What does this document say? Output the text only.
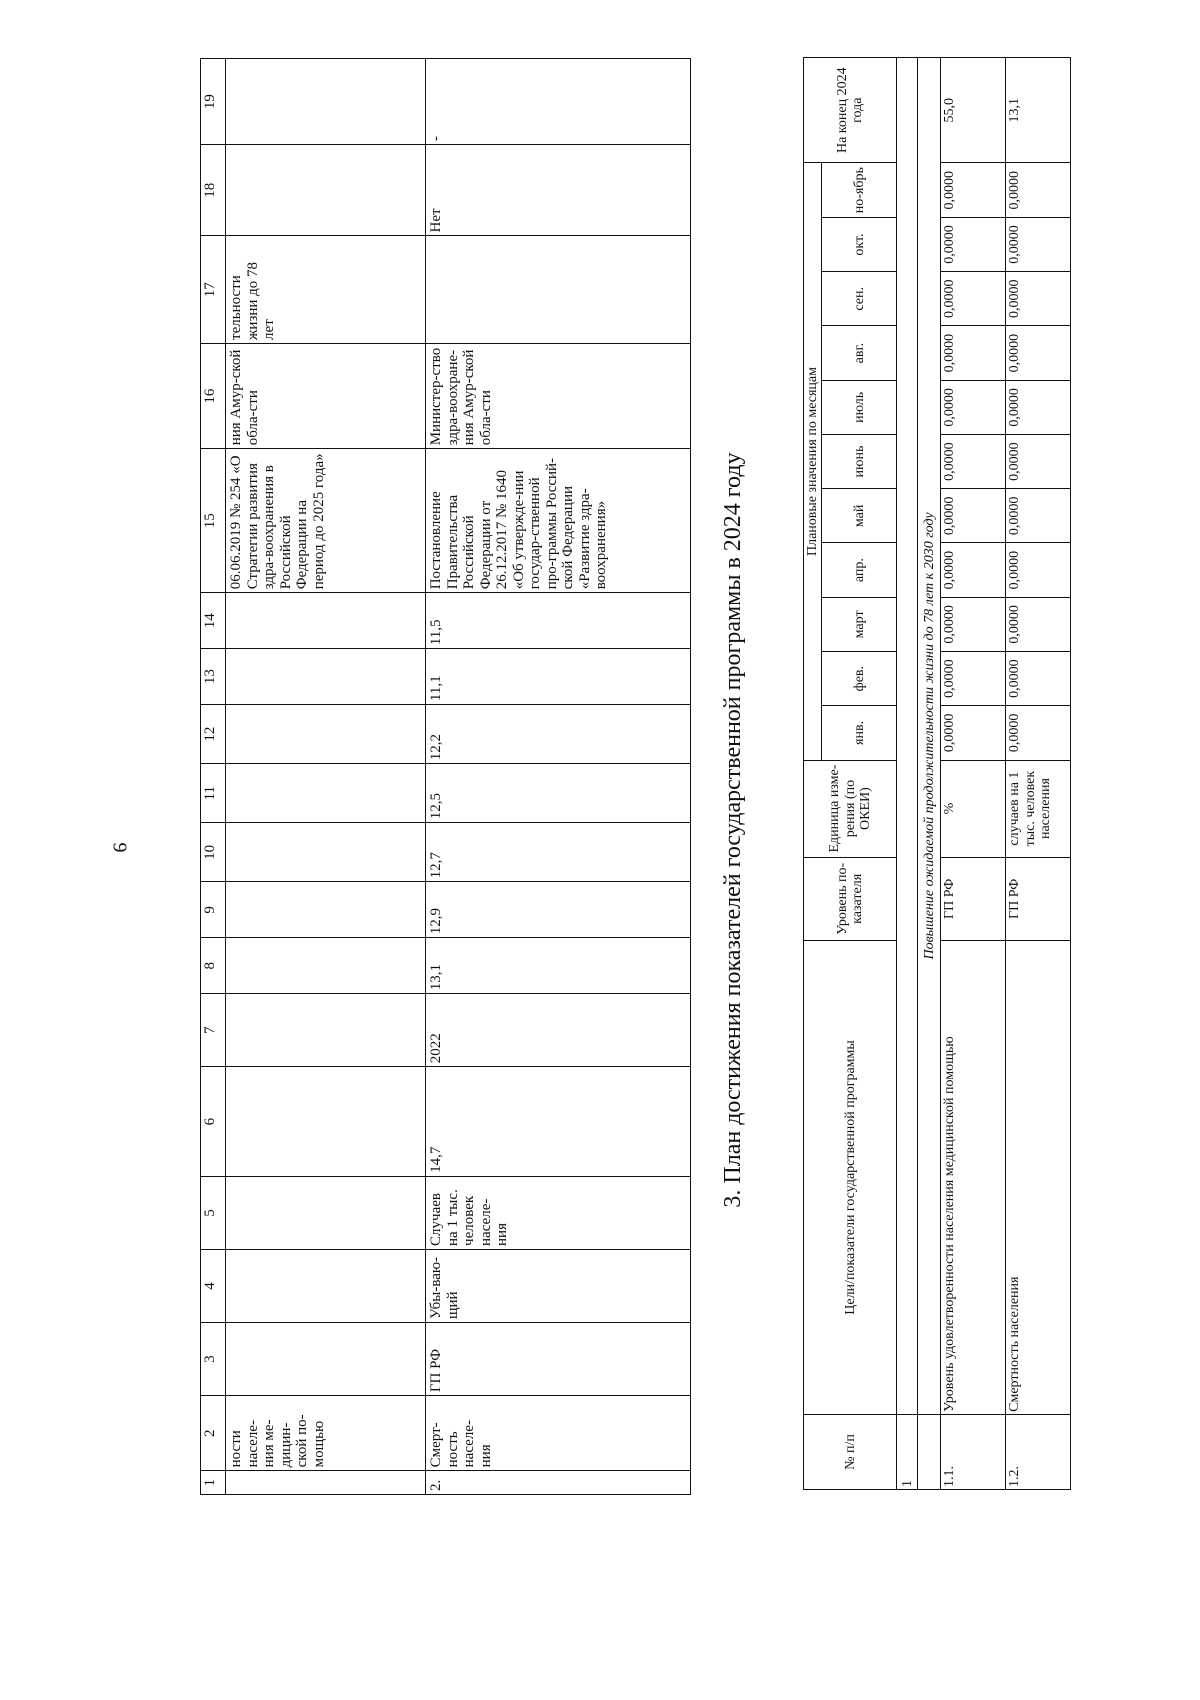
9
1	2	3	4	5	6	7	8	9	10	11	12	13	14	15	16	17	18	19
	ности населе-ния ме-дицин-ской по-мощью													06.06.2019 № 254 «О Стратегии развития здра-воохранения в Российской Федерации на период до 2025 года»	ния Амур-ской обла-сти	тельности жизни до 78 лет		
2.	Смерт-ность населе-ния	ГП РФ	Убы-ваю-щий	Случаев на 1 тыс. человек населе-ния	14,7	2022	13,1	12,9	12,7	12,5	12,2	11,1	11,5	Постановление Правительства Российской Федерации от 26.12.2017 № 1640 «Об утвержде-нии государ-ственной про-граммы Россий-ской Федерации «Развитие здра-воохранения»	Министер-ство здра-воохране-ния Амур-ской обла-сти		Нет	-
3. План достижения показателей государственной программы в 2024 году
№ п/п	Цели/показатели государственной программы	Уровень по-казателя	Единица изме-рения (по ОКЕИ)	Плановые значения по месяцам											На конец 2024 года
				янв.	фев.	март	апр.	май	июнь	июль	авг.	сен.	окт.	но-ябрь	
1															
	Повышение ожидаемой продолжительности жизни до 78 лет к 2030 году														
1.1.	Уровень удовлетворенности населения медицинской помощью	ГП РФ	%	0,0000	0,0000	0,0000	0,0000	0,0000	0,0000	0,0000	0,0000	0,0000	0,0000	0,0000	55,0
1.2.	Смертность населения	ГП РФ	случаев на 1 тыс. человек населения	0,0000	0,0000	0,0000	0,0000	0,0000	0,0000	0,0000	0,0000	0,0000	0,0000	0,0000	13,1
